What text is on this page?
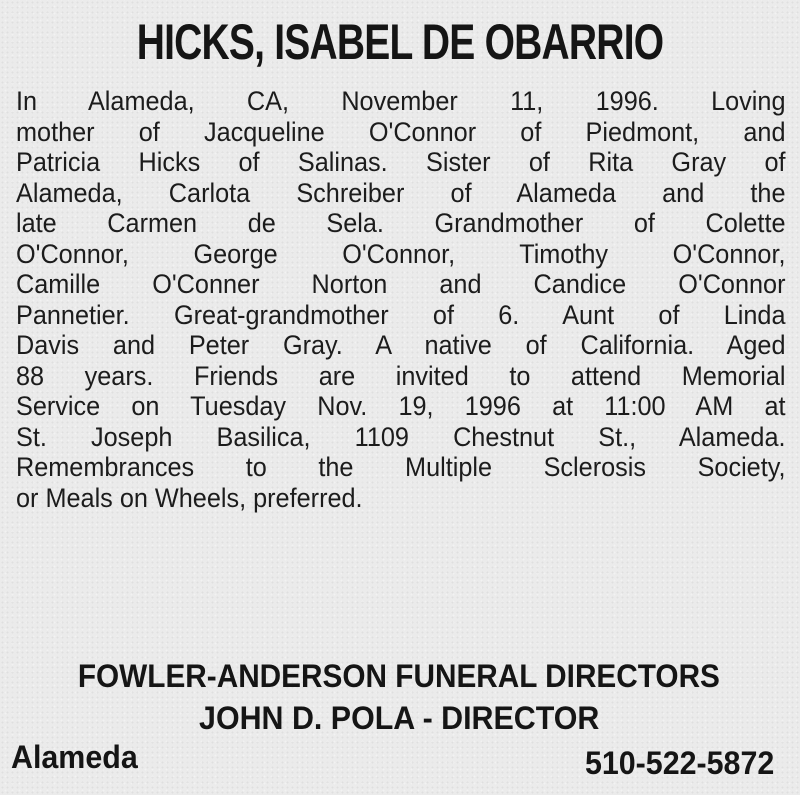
HICKS, ISABEL DE OBARRIO
In Alameda, CA, November 11, 1996. Loving
mother of Jacqueline O'Connor of Piedmont, and
Patricia Hicks of Salinas. Sister of Rita Gray of
Alameda, Carlota Schreiber of Alameda and the
late Carmen de Sela. Grandmother of Colette
O'Connor, George O'Connor, Timothy O'Connor,
Camille O'Conner Norton and Candice O'Connor
Pannetier. Great-grandmother of 6. Aunt of Linda
Davis and Peter Gray. A native of California. Aged
88 years. Friends are invited to attend Memorial
Service on Tuesday Nov. 19, 1996 at 11:00 AM at
St. Joseph Basilica, 1109 Chestnut St., Alameda.
Remembrances to the Multiple Sclerosis Society,
or Meals on Wheels, preferred.
FOWLER-ANDERSON FUNERAL DIRECTORS
JOHN D. POLA - DIRECTOR
Alameda	510-522-5872
